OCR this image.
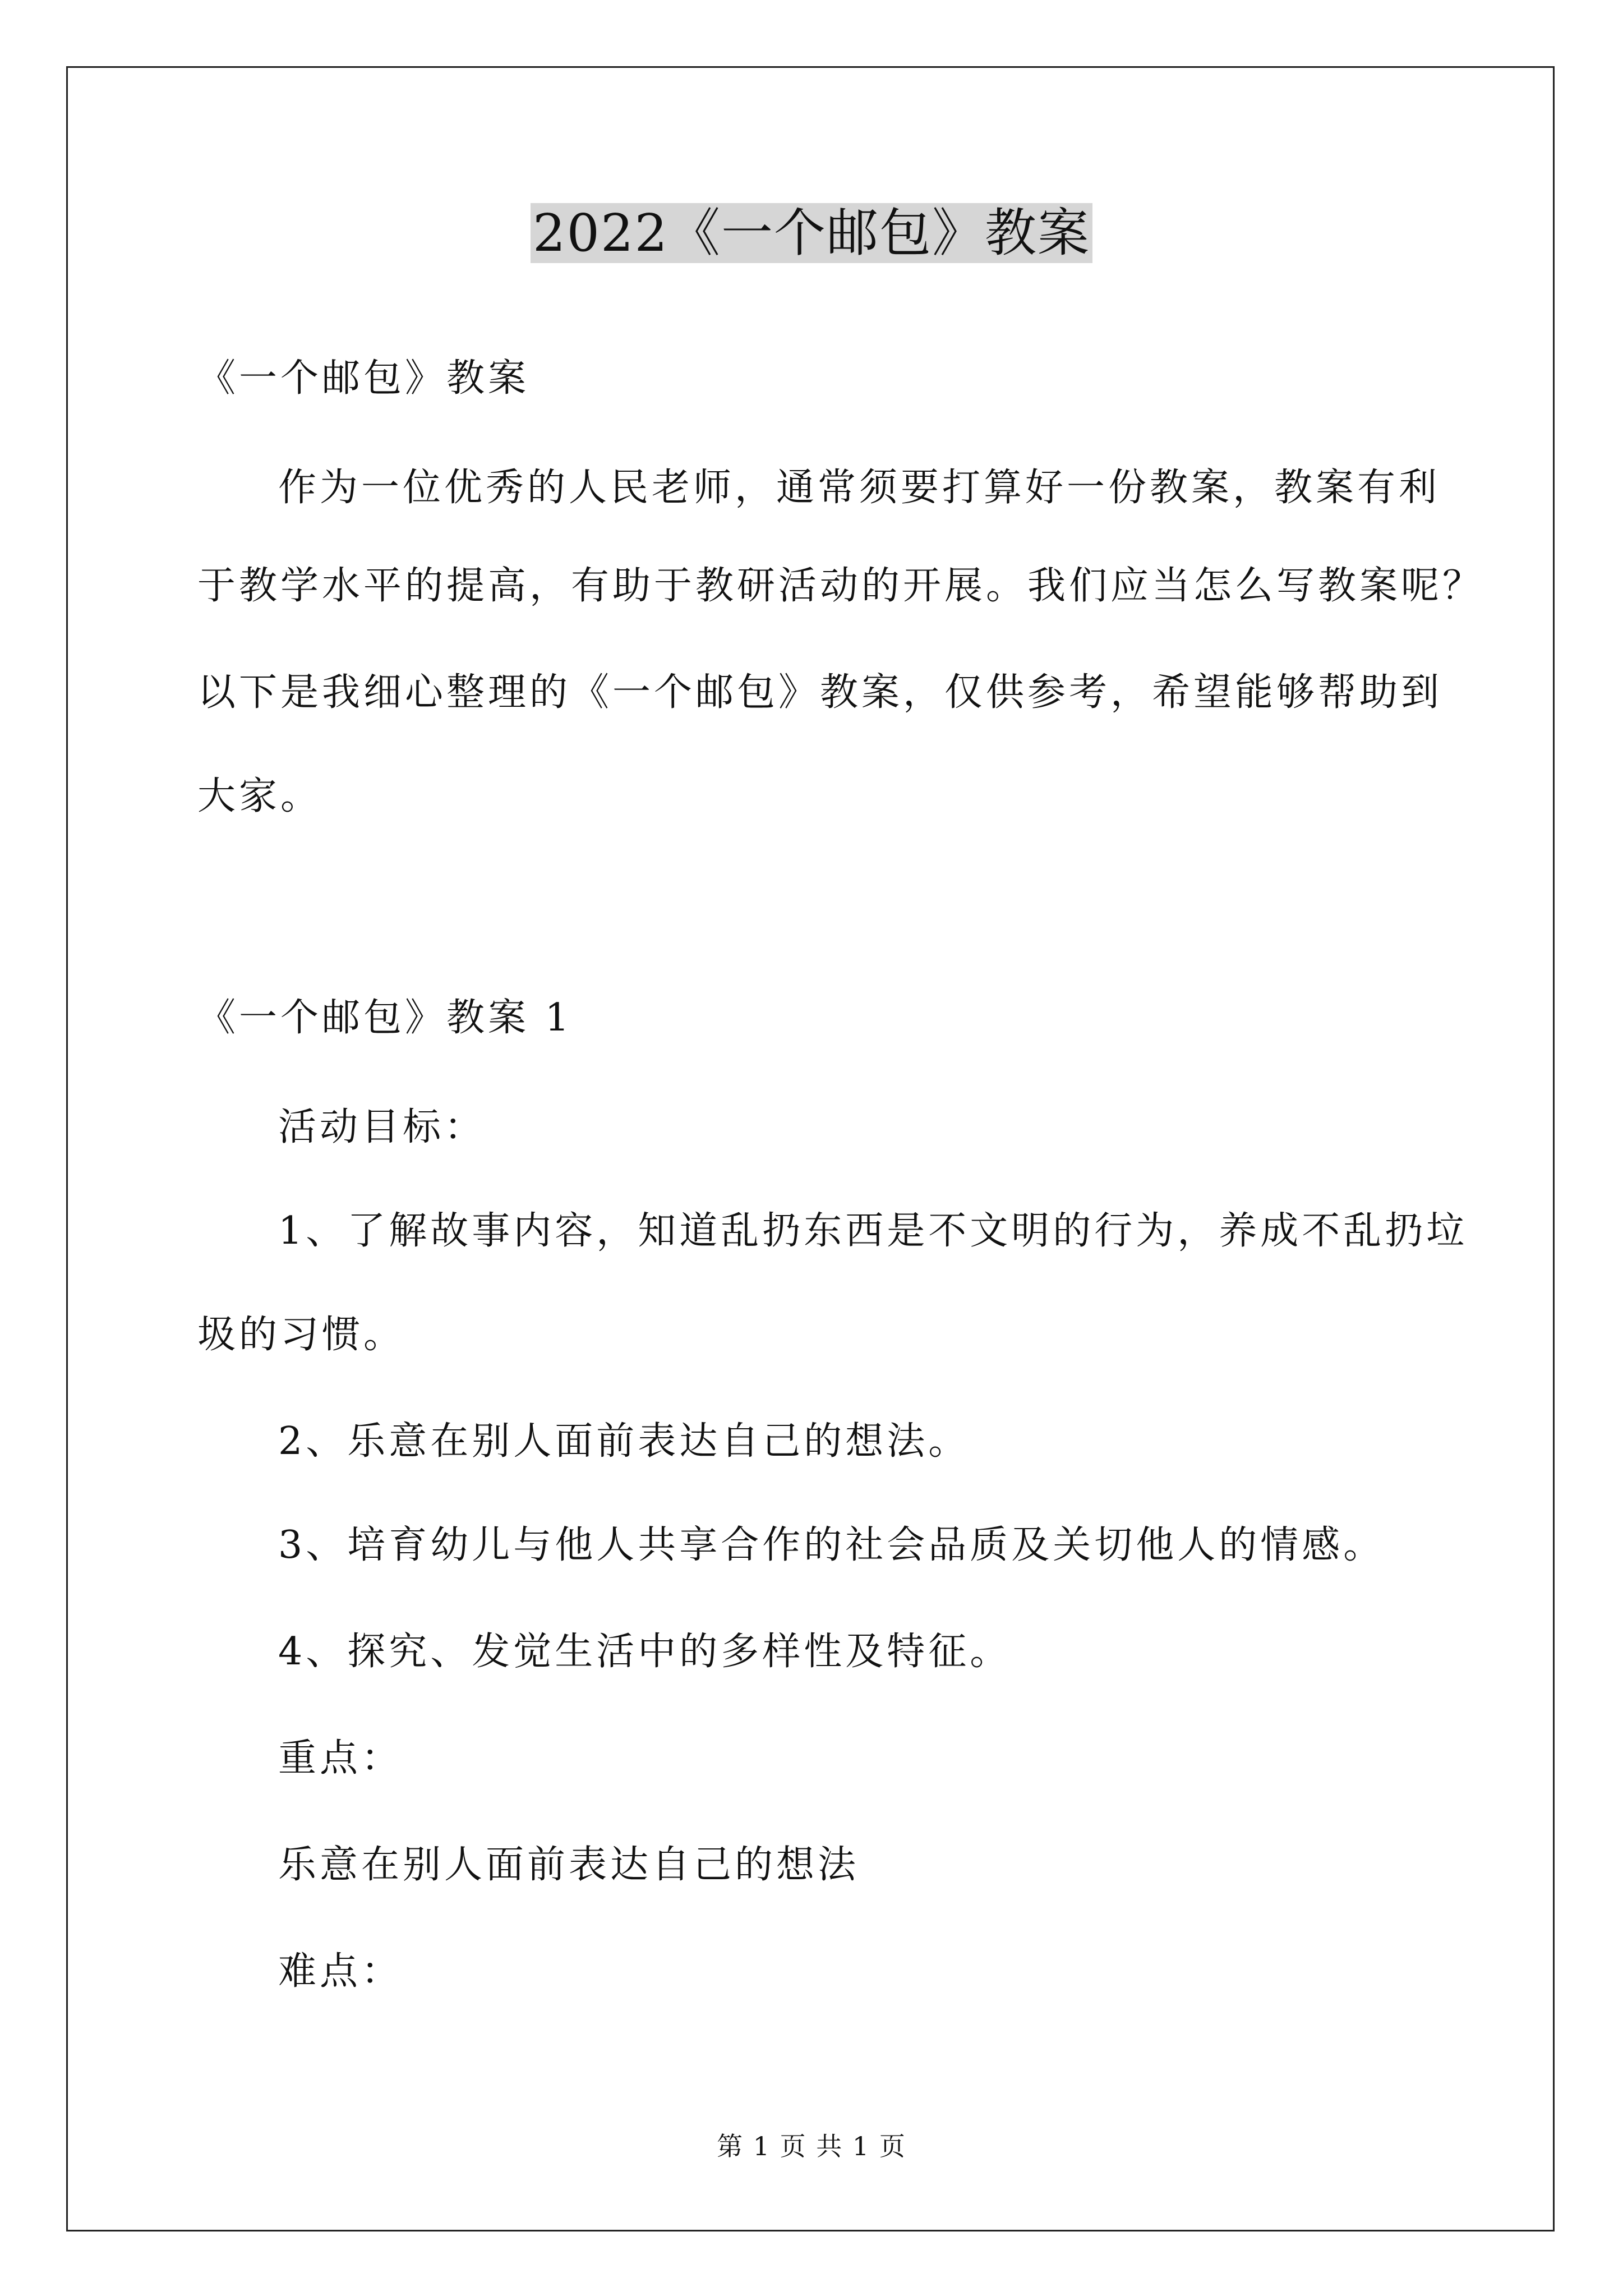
2022《一个邮包》教案
《一个邮包》教案
作为一位优秀的人民老师，通常须要打算好一份教案，教案有利
于教学水平的提高，有助于教研活动的开展。我们应当怎么写教案呢？
以下是我细心整理的《一个邮包》教案，仅供参考，希望能够帮助到
大家。
《一个邮包》教案 1
活动目标：
1、了解故事内容，知道乱扔东西是不文明的行为，养成不乱扔垃
圾的习惯。
2、乐意在别人面前表达自己的想法。
3、培育幼儿与他人共享合作的社会品质及关切他人的情感。
4、探究、发觉生活中的多样性及特征。
重点：
乐意在别人面前表达自己的想法
难点：
第 1 页 共 1 页
